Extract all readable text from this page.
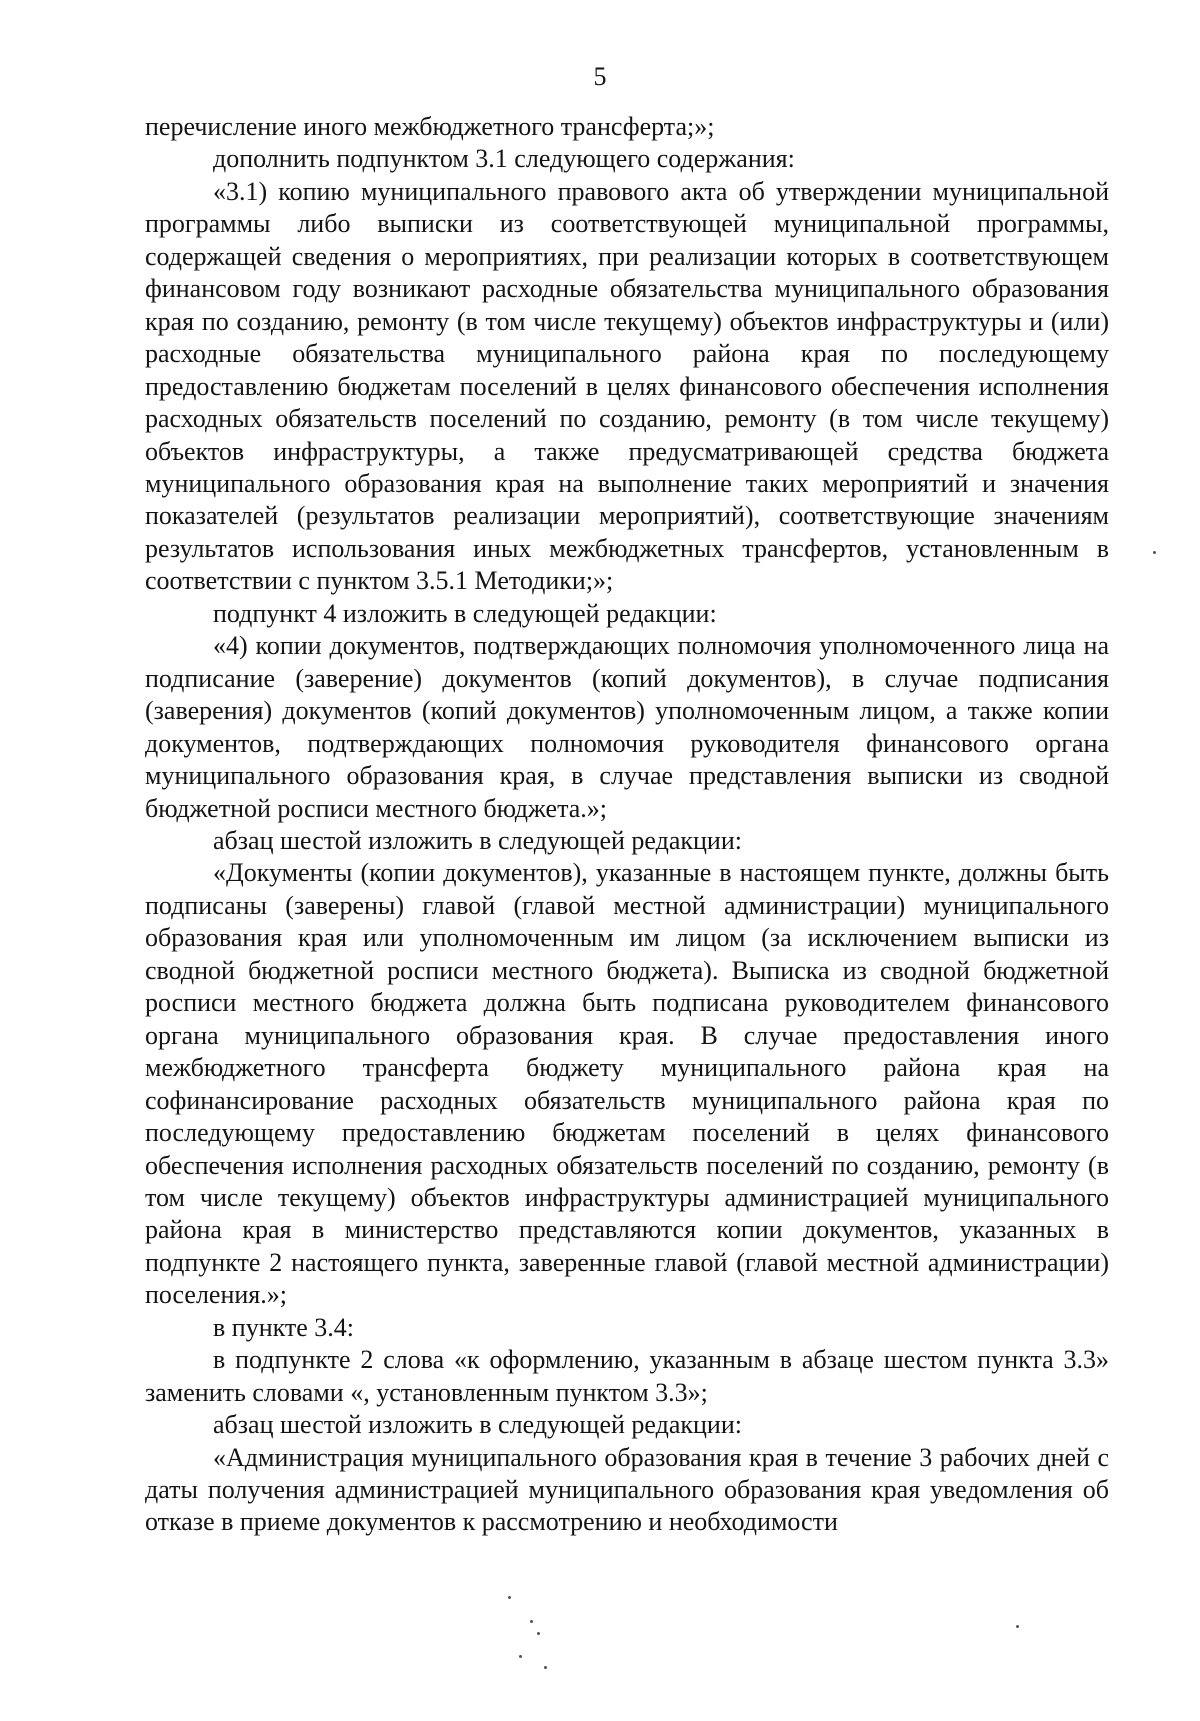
5

перечисление иного межбюджетного трансферта;»;

дополнить подпунктом 3.1 следующего содержания:

«3.1) копию муниципального правового акта об утверждении муниципальной программы либо выписки из соответствующей муниципальной программы, содержащей сведения о мероприятиях, при реализации которых в соответствующем финансовом году возникают расходные обязательства муниципального образования края по созданию, ремонту (в том числе текущему) объектов инфраструктуры и (или) расходные обязательства муниципального района края по последующему предоставлению бюджетам поселений в целях финансового обеспечения исполнения расходных обязательств поселений по созданию, ремонту (в том числе текущему) объектов инфраструктуры, а также предусматривающей средства бюджета муниципального образования края на выполнение таких мероприятий и значения показателей (результатов реализации мероприятий), соответствующие значениям результатов использования иных межбюджетных трансфертов, установленным в соответствии с пунктом 3.5.1 Методики;»;

подпункт 4 изложить в следующей редакции:

«4) копии документов, подтверждающих полномочия уполномоченного лица на подписание (заверение) документов (копий документов), в случае подписания (заверения) документов (копий документов) уполномоченным лицом, а также копии документов, подтверждающих полномочия руководителя финансового органа муниципального образования края, в случае представления выписки из сводной бюджетной росписи местного бюджета.»;

абзац шестой изложить в следующей редакции:

«Документы (копии документов), указанные в настоящем пункте, должны быть подписаны (заверены) главой (главой местной администрации) муниципального образования края или уполномоченным им лицом (за исключением выписки из сводной бюджетной росписи местного бюджета). Выписка из сводной бюджетной росписи местного бюджета должна быть подписана руководителем финансового органа муниципального образования края. В случае предоставления иного межбюджетного трансферта бюджету муниципального района края на софинансирование расходных обязательств муниципального района края по последующему предоставлению бюджетам поселений в целях финансового обеспечения исполнения расходных обязательств поселений по созданию, ремонту (в том числе текущему) объектов инфраструктуры администрацией муниципального района края в министерство представляются копии документов, указанных в подпункте 2 настоящего пункта, заверенные главой (главой местной администрации) поселения.»;

в пункте 3.4:

в подпункте 2 слова «к оформлению, указанным в абзаце шестом пункта 3.3» заменить словами «, установленным пунктом 3.3»;

абзац шестой изложить в следующей редакции:

«Администрация муниципального образования края в течение 3 рабочих дней с даты получения администрацией муниципального образования края уведомления об отказе в приеме документов к рассмотрению и необходимости
